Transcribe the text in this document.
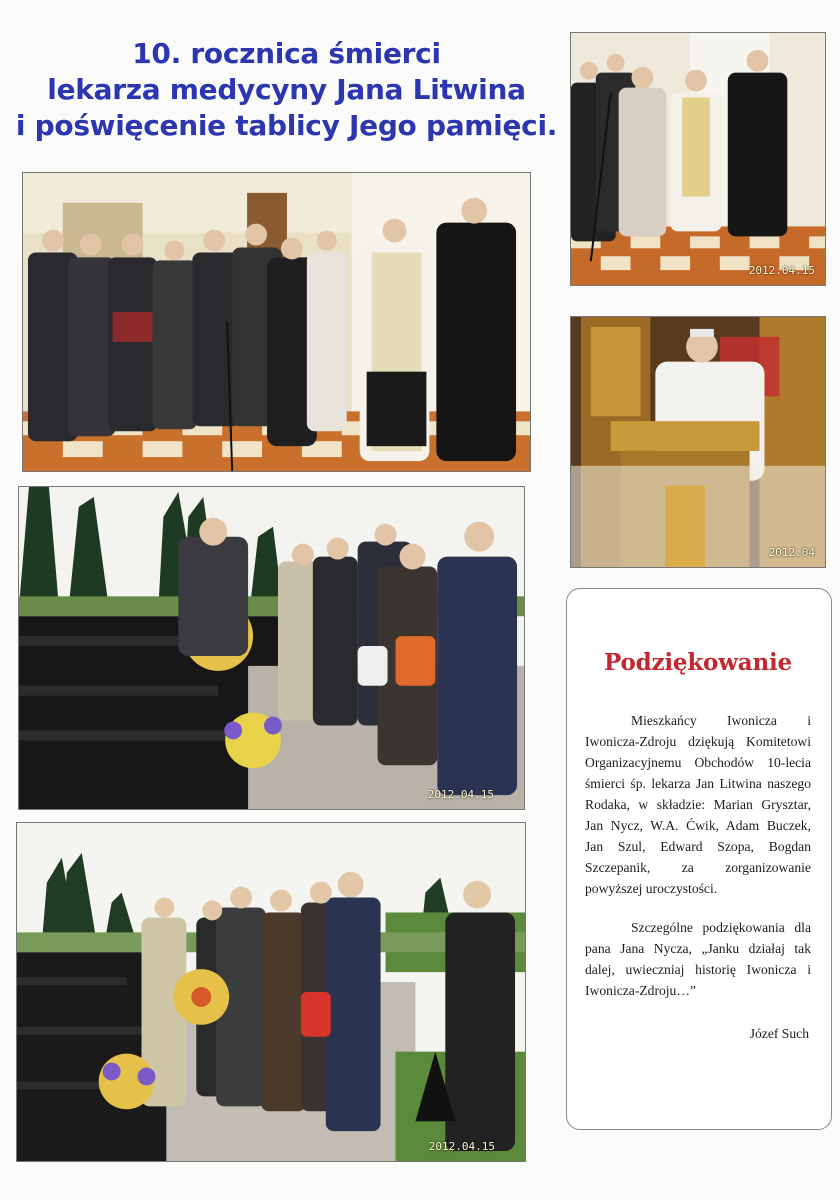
10. rocznica śmierci
lekarza medycyny Jana Litwina
i poświęcenie tablicy Jego pamięci.
2012.04.15
2012.04
2012.04.15
2012.04.15
Podziękowanie

Mieszkańcy Iwonicza i Iwonicza-Zdroju dziękują Komitetowi Organizacyjnemu Obchodów 10-lecia śmierci śp. lekarza Jan Litwina naszego Rodaka, w składzie: Marian Grysztar, Jan Nycz, W.A. Ćwik, Adam Buczek, Jan Szul, Edward Szopa, Bogdan Szczepanik, za zorganizowanie powyższej uroczystości.

Szczególne podziękowania dla pana Jana Nycza, „Janku działaj tak dalej, uwieczniaj historię Iwonicza i Iwonicza-Zdroju…”

Józef Such
